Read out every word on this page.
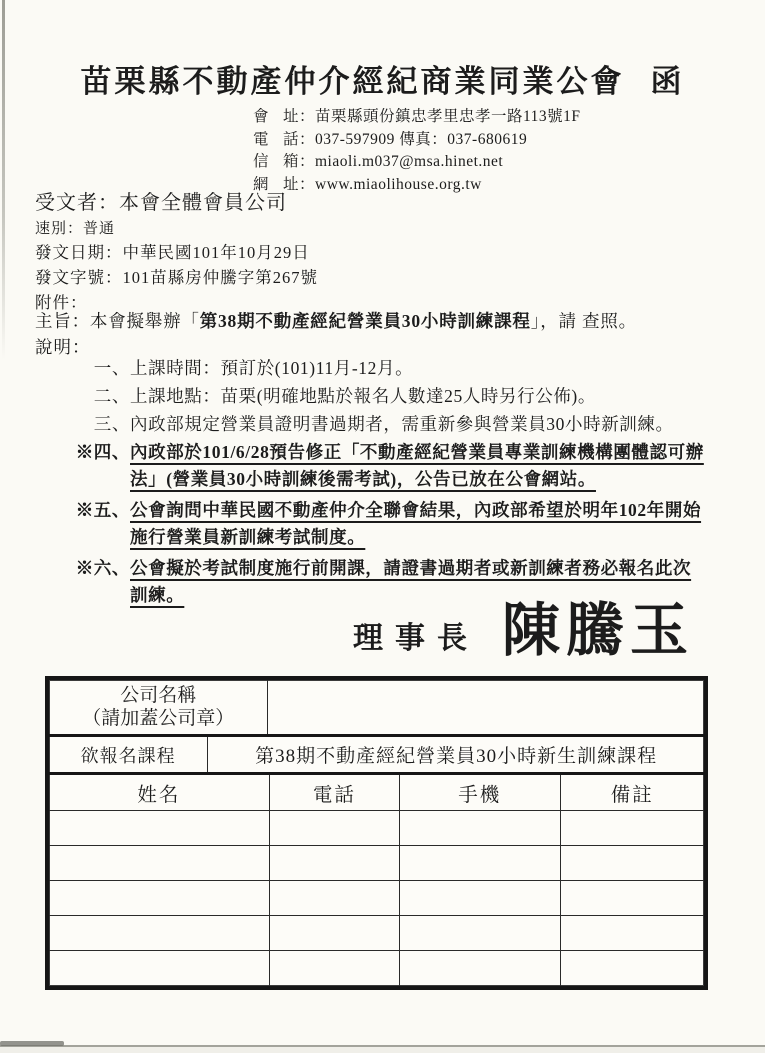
苗栗縣不動產仲介經紀商業同業公會 函
會 址：苗栗縣頭份鎮忠孝里忠孝一路113號1F
電 話：037-597909 傳真：037-680619
信 箱：miaoli.m037@msa.hinet.net
網 址：www.miaolihouse.org.tw
受文者：本會全體會員公司
速別：普通
發文日期：中華民國101年10月29日
發文字號：101苗縣房仲騰字第267號
附件：
主旨：本會擬舉辦「第38期不動產經紀營業員30小時訓練課程」，請 查照。
說明：
一、 上課時間：預訂於(101)11月-12月。
二、 上課地點：苗栗(明確地點於報名人數達25人時另行公佈)。
三、 內政部規定營業員證明書過期者，需重新參與營業員30小時新訓練。
※四、 內政部於101/6/28預告修正「不動產經紀營業員專業訓練機構團體認可辦法」(營業員30小時訓練後需考試)，公告已放在公會網站。
※五、 公會詢問中華民國不動產仲介全聯會結果，內政部希望於明年102年開始施行營業員新訓練考試制度。
※六、 公會擬於考試制度施行前開課，請證書過期者或新訓練者務必報名此次訓練。
理事長 陳騰玉
公司名稱
（請加蓋公司章）
欲報名課程	第38期不動產經紀營業員30小時新生訓練課程
姓名	電話	手機	備註
